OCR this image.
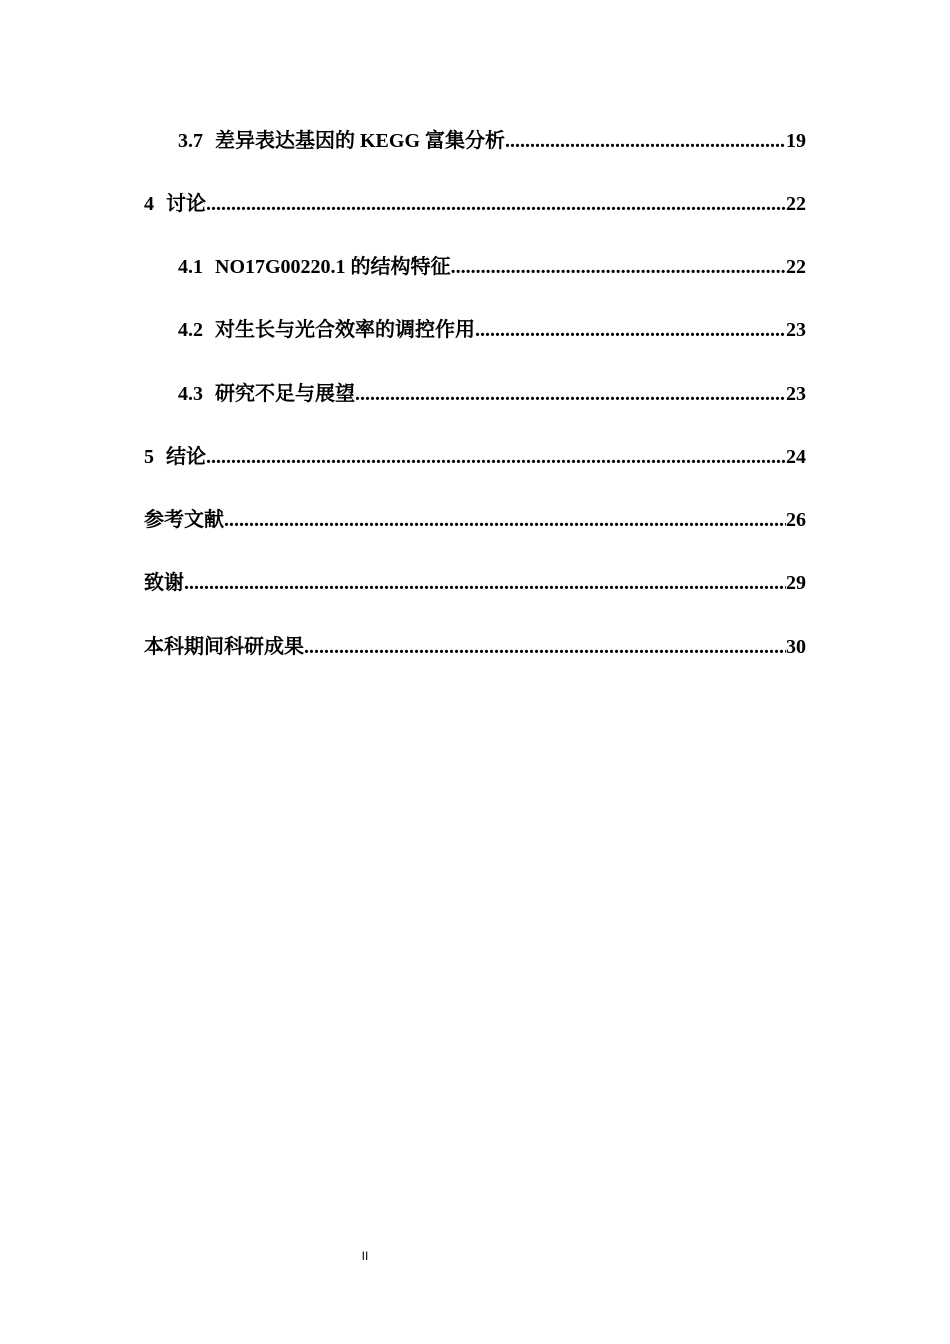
3.7 差异表达基因的 KEGG 富集分析 .....	19
4 讨论 .....	22
4.1 NO17G00220.1 的结构特征 .....	22
4.2 对生长与光合效率的调控作用 .....	23
4.3 研究不足与展望 .....	23
5 结论 .....	24
参考文献 .....	26
致谢 .....	29
本科期间科研成果 .....	30
II
